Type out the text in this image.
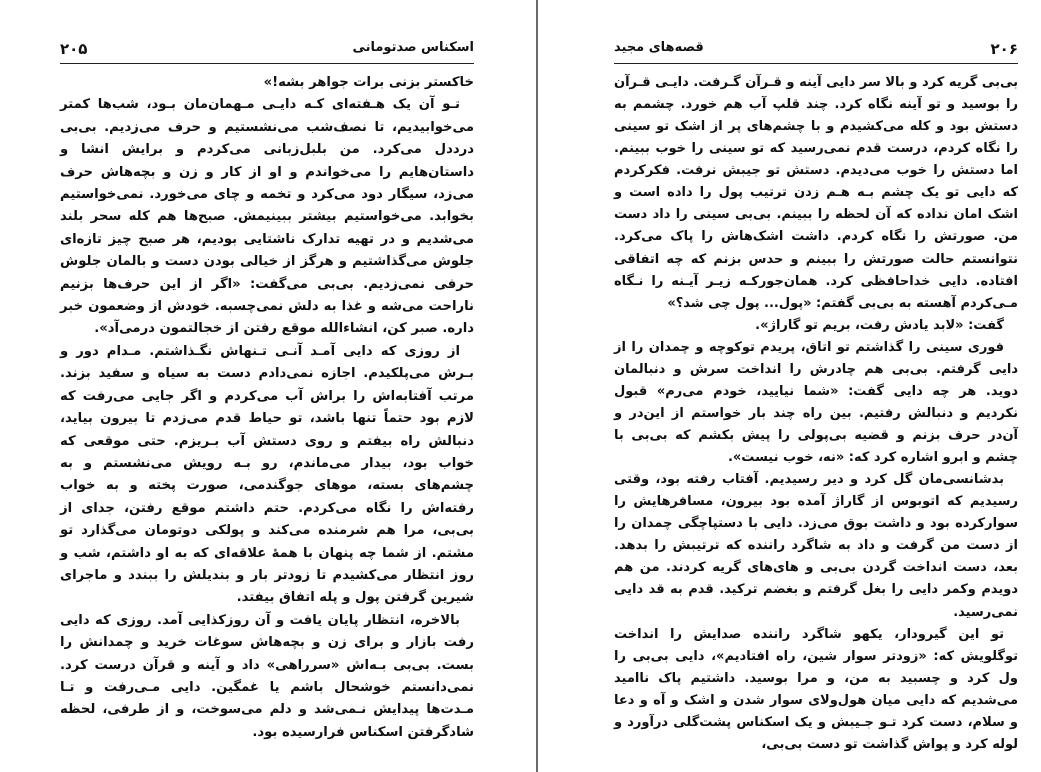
۲۰۵	اسکناس صدتومانی

خاکستر بزنی برات جواهر بشه!»

تـو آن یک هـفته‌ای کـه دایـی مـهمان‌مان بـود، شب‌ها کمتر می‌خوابیدیم، تا نصف‌شب می‌نشستیم و حرف می‌زدیم. بی‌بی درددل می‌کرد. من بلبل‌زبانی می‌کردم و برایش انشا و داستان‌هایم را می‌خواندم و او از کار و زن و بچه‌هاش حرف می‌زد، سیگار دود می‌کرد و تخمه و چای می‌خورد. نمی‌خواستیم بخوابد. می‌خواستیم بیشتر ببینیمش. صبح‌ها هم کله سحر بلند می‌شدیم و در تهیه تدارک ناشتایی بودیم، هر صبح چیز تازه‌ای جلوش می‌گذاشتیم و هرگز از خیالی بودن دست و بالمان جلوش حرفی نمی‌زدیم. بی‌بی می‌گفت: «اگر از این حرف‌ها بزنیم ناراحت می‌شه و غذا به دلش نمی‌چسبه. خودش از وضعمون خبر داره. صبر کن، انشاءالله موقع رفتن از خجالتمون درمی‌آد».

از روزی که دایی آمـد آنـی تـنهاش نگـذاشتم. مـدام دور و بـرش می‌پلکیدم. اجازه نمی‌دادم دست به سیاه و سفید بزند. مرتب آفتابه‌اش را براش آب می‌کردم و اگر جایی می‌رفت که لازم بود حتماً تنها باشد، تو حیاط قدم می‌زدم تا بیرون بیاید، دنبالش راه بیفتم و روی دستش آب بـریزم. حتی موقعی که خواب بود، بیدار می‌ماندم، رو بـه رویش می‌نشستم و به چشم‌های بسته، موهای جوگندمی، صورت پخته و به خواب رفته‌اش را نگاه می‌کردم. حتم داشتم موقع رفتن، جدای از بی‌بی، مرا هم شرمنده می‌کند و پولکی دوتومان می‌گذارد تو مشتم. از شما چه پنهان با همهٔ علاقه‌ای که به او داشتم، شب و روز انتظار می‌کشیدم تا زودتر بار و بندیلش را ببندد و ماجرای شیرین گرفتن پول و پله اتفاق بیفتد.

بالاخره، انتظار پایان یافت و آن روزکذایی آمد. روزی که دایی رفت بازار و برای زن و بچه‌هاش سوغات خرید و چمدانش را بست. بی‌بی بـه‌اش «سرراهی» داد و آینه و قرآن درست کرد. نمی‌دانستم خوشحال باشم یا غمگین. دایی مـی‌رفت و تـا مـدت‌ها پیدایش نـمی‌شد و دلم می‌سوخت، و از طرفی، لحظه شادگرفتن اسکناس فرارسیده بود.

قصه‌های مجید	۲۰۶

بی‌بی گریه کرد و بالا سر دایی آینه و قـرآن گـرفت. دایـی قـرآن را بوسید و تو آینه نگاه کرد. چند قلپ آب هم خورد. چشمم به دستش بود و کله می‌کشیدم و با چشم‌های پر از اشک تو سینی را نگاه کردم، درست قدم نمی‌رسید که تو سینی را خوب ببینم. اما دستش را خوب می‌دیدم. دستش تو جیبش نرفت. فکرکردم که دایی تو یک چشم بـه هـم زدن ترتیب پول را داده است و اشک امان نداده که آن لحظه را ببینم. بی‌بی سینی را داد دست من. صورتش را نگاه کردم. داشت اشک‌هاش را پاک می‌کرد. نتوانستم حالت صورتش را ببینم و حدس بزنم که چه اتفاقی افتاده. دایی خداحافظی کرد. همان‌جورکـه زیـر آیـنه را نـگاه مـی‌کردم آهسته به بی‌بی گفتم: «پول... پول چی شد؟»

گفت: «لابد یادش رفت، بریم تو گاراژ».

فوری سینی را گذاشتم تو اتاق، پریدم توکوچه و چمدان را از دایی گرفتم. بی‌بی هم چادرش را انداخت سرش و دنبالمان دوید. هر چه دایی گفت: «شما نیایید، خودم می‌رم» قبول نکردیم و دنبالش رفتیم. بین راه چند بار خواستم از این‌در و آن‌در حرف بزنم و قضیه بی‌پولی را پیش بکشم که بی‌بی با چشم و ابرو اشاره کرد که: «نه، خوب نیست».

بدشانسی‌مان گل کرد و دیر رسیدیم. آفتاب رفته بود، وقتی رسیدیم که اتوبوس از گاراژ آمده بود بیرون، مسافرهایش را سوارکرده بود و داشت بوق می‌زد. دایی با دستپاچگی چمدان را از دست من گرفت و داد به شاگرد راننده که ترتیبش را بدهد. بعد، دست انداخت گردن بی‌بی و های‌های گریه کردند. من هم دویدم وکمر دایی را بغل گرفتم و بغضم ترکید. قدم به قد دایی نمی‌رسید.

تو این گیرودار، یکهو شاگرد راننده صدایش را انداخت توگلویش که: «زودتر سوار شین، راه افتادیم»، دایی بی‌بی را ول کرد و چسبید به من، و مرا بوسید. داشتیم پاک ناامید می‌شدیم که دایی میان هول‌ولای سوار شدن و اشک و آه و دعا و سلام، دست کرد تـو جـیبش و یک اسکناس پشت‌گلی درآورد و لوله کرد و پواش گذاشت تو دست بی‌بی،
